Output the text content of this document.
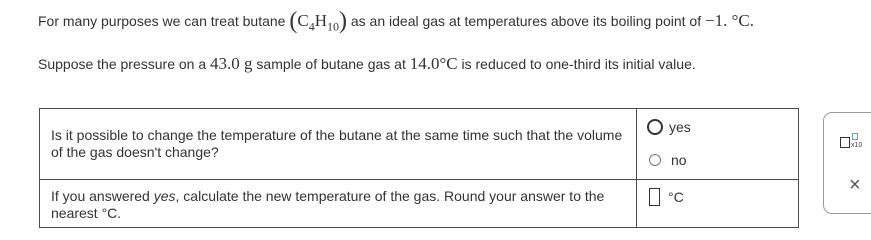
For many purposes we can treat butane $(C_4H_{10})$ as an ideal gas at temperatures above its boiling point of −1. °C.
Suppose the pressure on a 43.0 g sample of butane gas at 14.0°C is reduced to one-third its initial value.
Is it possible to change the temperature of the butane at the same time such that the volume of the gas doesn't change?
yes
no
If you answered yes, calculate the new temperature of the gas. Round your answer to the nearest °C.
°C
x10
×
